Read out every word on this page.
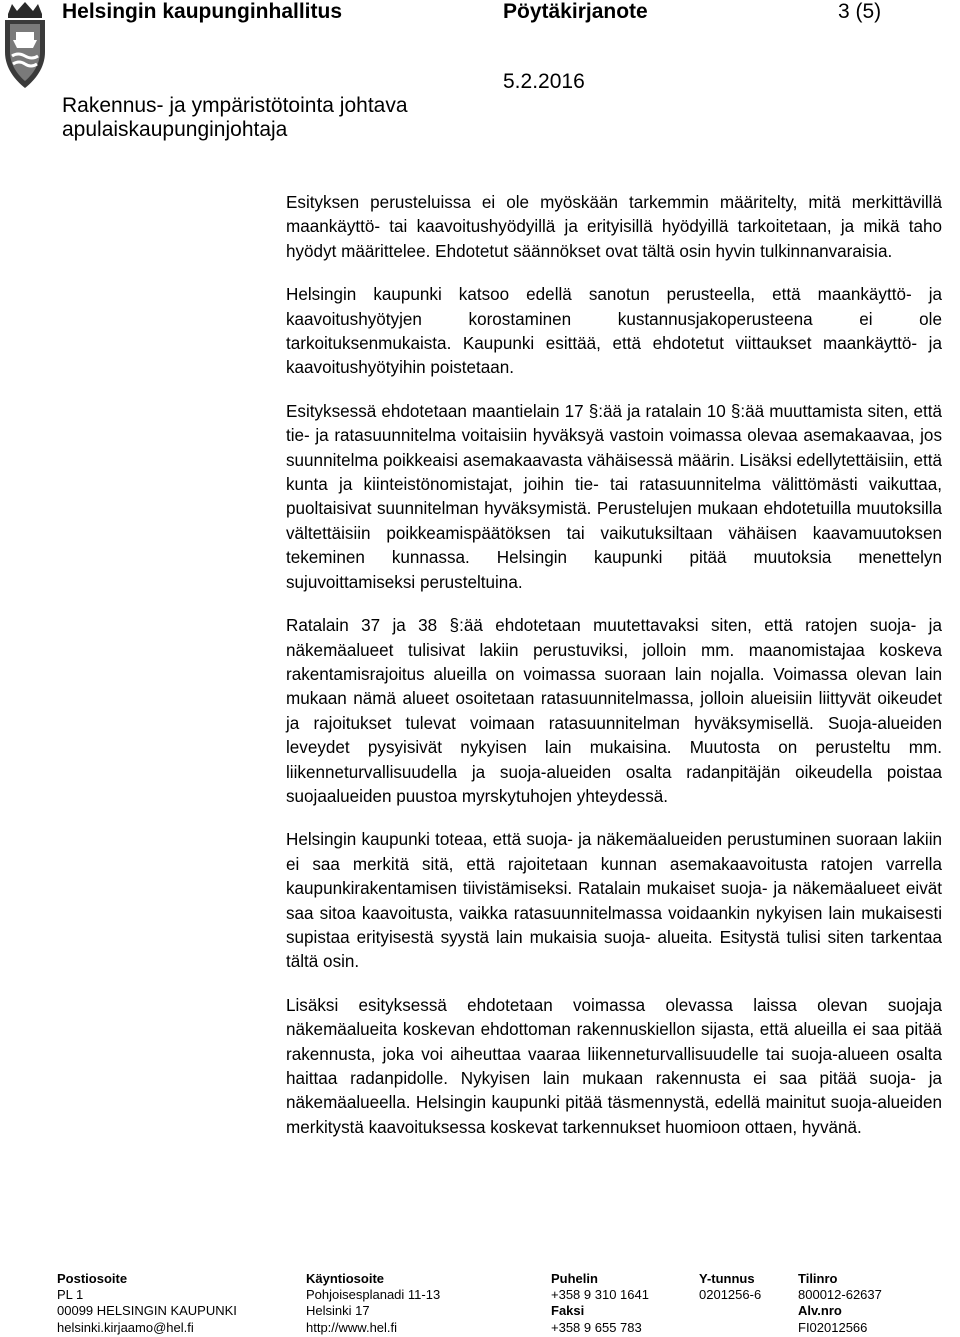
Helsingin kaupunginhallitus	Pöytäkirjanote	3 (5)
5.2.2016
Rakennus- ja ympäristötointa johtava apulaiskaupunginjohtaja

Esityksen perusteluissa ei ole myöskään tarkemmin määritelty, mitä merkittävillä maankäyttö- tai kaavoitushyödyillä ja erityisillä hyödyillä tarkoitetaan, ja mikä taho hyödyt määrittelee. Ehdotetut säännökset ovat tältä osin hyvin tulkinnanvaraisia.

Helsingin kaupunki katsoo edellä sanotun perusteella, että maankäyttö- ja kaavoitushyötyjen korostaminen kustannusjakoperusteena ei ole tarkoituksenmukaista. Kaupunki esittää, että ehdotetut viittaukset maankäyttö- ja kaavoitushyötyihin poistetaan.

Esityksessä ehdotetaan maantielain 17 §:ää ja ratalain 10 §:ää muuttamista siten, että tie- ja ratasuunnitelma voitaisiin hyväksyä vastoin voimassa olevaa asemakaavaa, jos suunnitelma poikkeaisi asemakaavasta vähäisessä määrin. Lisäksi edellytettäisiin, että kunta ja kiinteistönomistajat, joihin tie- tai ratasuunnitelma välittömästi vaikuttaa, puoltaisivat suunnitelman hyväksymistä. Perustelujen mukaan ehdotetuilla muutoksilla vältettäisiin poikkeamispäätöksen tai vaikutuksiltaan vähäisen kaavamuutoksen tekeminen kunnassa. Helsingin kaupunki pitää muutoksia menettelyn sujuvoittamiseksi perusteltuina.

Ratalain 37 ja 38 §:ää ehdotetaan muutettavaksi siten, että ratojen suoja- ja näkemäalueet tulisivat lakiin perustuviksi, jolloin mm. maanomistajaa koskeva rakentamisrajoitus alueilla on voimassa suoraan lain nojalla. Voimassa olevan lain mukaan nämä alueet osoitetaan ratasuunnitelmassa, jolloin alueisiin liittyvät oikeudet ja rajoitukset tulevat voimaan ratasuunnitelman hyväksymisellä. Suoja-alueiden leveydet pysyisivät nykyisen lain mukaisina. Muutosta on perusteltu mm. liikenneturvallisuudella ja suoja-alueiden osalta radanpitäjän oikeudella poistaa suojaalueiden puustoa myrskytuhojen yhteydessä.

Helsingin kaupunki toteaa, että suoja- ja näkemäalueiden perustuminen suoraan lakiin ei saa merkitä sitä, että rajoitetaan kunnan asemakaavoitusta ratojen varrella kaupunkirakentamisen tiivistämiseksi. Ratalain mukaiset suoja- ja näkemäalueet eivät saa sitoa kaavoitusta, vaikka ratasuunnitelmassa voidaankin nykyisen lain mukaisesti supistaa erityisestä syystä lain mukaisia suoja- alueita. Esitystä tulisi siten tarkentaa tältä osin.

Lisäksi esityksessä ehdotetaan voimassa olevassa laissa olevan suojaja näkemäalueita koskevan ehdottoman rakennuskiellon sijasta, että alueilla ei saa pitää rakennusta, joka voi aiheuttaa vaaraa liikenneturvallisuudelle tai suoja-alueen osalta haittaa radanpidolle. Nykyisen lain mukaan rakennusta ei saa pitää suoja- ja näkemäalueella. Helsingin kaupunki pitää täsmennystä, edellä mainitut suoja-alueiden merkitystä kaavoituksessa koskevat tarkennukset huomioon ottaen, hyvänä.

Postiosoite
PL 1
00099 HELSINGIN KAUPUNKI
helsinki.kirjaamo@hel.fi
Käyntiosoite
Pohjoisesplanadi 11-13
Helsinki 17
http://www.hel.fi
Puhelin
+358 9 310 1641
Faksi
+358 9 655 783
Y-tunnus
0201256-6
Tilinro
800012-62637
Alv.nro
FI02012566
